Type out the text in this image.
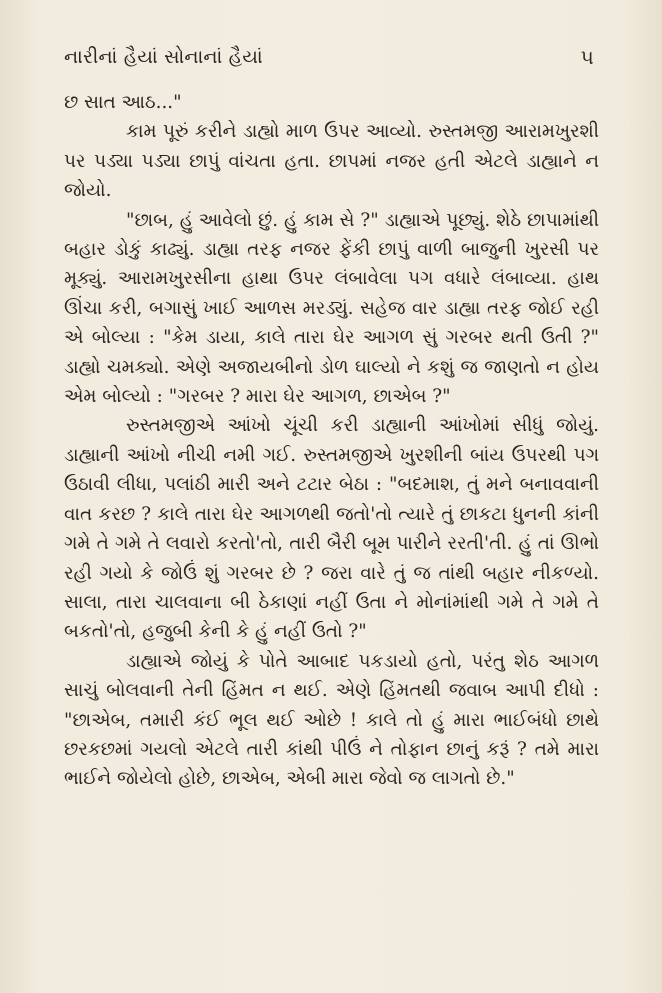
નારીનાં હૈયાં સોનાનાં હૈયાં	૫

છ સાત આઠ..."

કામ પૂરું કરીને ડાહ્યો માળ ઉપર આવ્યો. રુસ્તમજી આરામખુરશી પર પડ્યા પડ્યા છાપું વાંચતા હતા. છાપમાં નજર હતી એટલે ડાહ્યાને ન જોયો.

"છાબ, હું આવેલો છું. હું કામ સે ?" ડાહ્યાએ પૂછ્યું. શેઠે છાપામાંથી બહાર ડોકું કાઢ્યું. ડાહ્યા તરફ નજર ફેંકી છાપું વાળી બાજુની ખુરસી પર મૂક્યું. આરામખુરસીના હાથા ઉપર લંબાવેલા પગ વધારે લંબાવ્યા. હાથ ઊંચા કરી, બગાસું ખાઈ આળસ મરડ્યું. સહેજ વાર ડાહ્યા તરફ જોઈ રહી એ બોલ્યા : "કેમ ડાયા, કાલે તારા ઘેર આગળ સું ગરબર થતી ઉતી ?" ડાહ્યો ચમક્યો. એણે અજાયબીનો ડોળ ઘાલ્યો ને કશું જ જાણતો ન હોય એમ બોલ્યો : "ગરબર ? મારા ઘેર આગળ, છાએબ ?"

રુસ્તમજીએ આંખો ચૂંચી કરી ડાહ્યાની આંખોમાં સીધું જોયું. ડાહ્યાની આંખો નીચી નમી ગઈ. રુસ્તમજીએ ખુરશીની બાંય ઉપરથી પગ ઉઠાવી લીધા, પલાંઠી મારી અને ટટાર બેઠા : "બદમાશ, તું મને બનાવવાની વાત કરછ ? કાલે તારા ઘેર આગળથી જતો'તો ત્યારે તું છાકટા ધુનની કાંની ગમે તે ગમે તે લવારો કરતો'તો, તારી બૈરી બૂમ પારીને રરતી'તી. હું તાં ઊભો રહી ગયો કે જોઉં શું ગરબર છે ? જરા વારે તું જ તાંથી બહાર નીકળ્યો. સાલા, તારા ચાલવાના બી ઠેકાણાં નહીં ઉતા ને મોનાંમાંથી ગમે તે ગમે તે બકતો'તો, હજુબી કેની કે હું નહીં ઉતો ?"

ડાહ્યાએ જોયું કે પોતે આબાદ પકડાયો હતો, પરંતુ શેઠ આગળ સાચું બોલવાની તેની હિંમત ન થઈ. એણે હિંમતથી જવાબ આપી દીધો : "છાએબ, તમારી કંઈ ભૂલ થઈ ઓછે ! કાલે તો હું મારા ભાઈબંધો છાથે છરકછમાં ગયલો એટલે તારી કાંથી પીઉં ને તોફાન છાનું કરૂં ? તમે મારા ભાઈને જોયેલો હોછે, છાએબ, એબી મારા જેવો જ લાગતો છે."
